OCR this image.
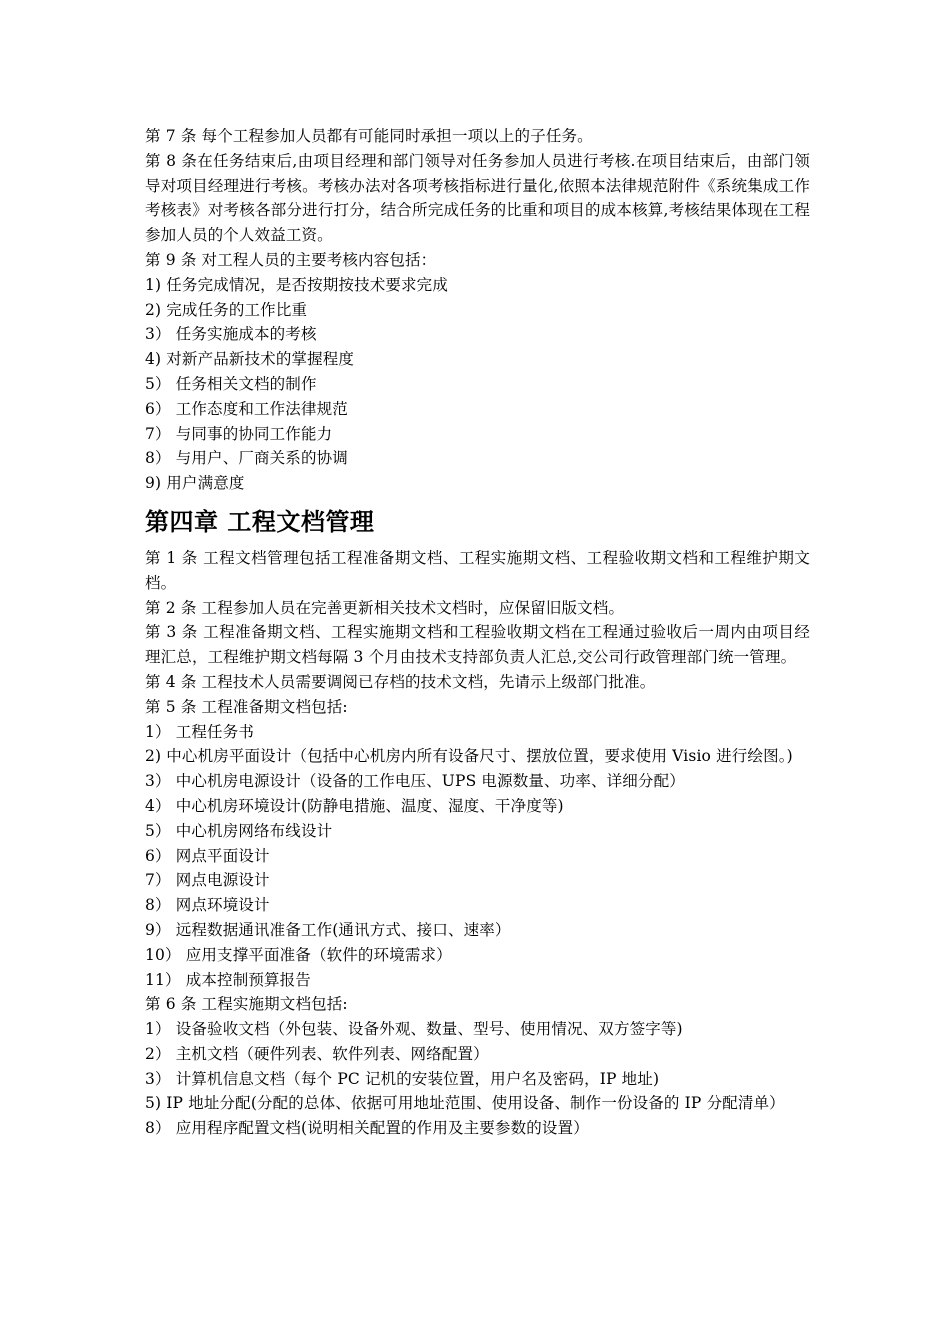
第 7 条 每个工程参加人员都有可能同时承担一项以上的子任务。

第 8 条在任务结束后,由项目经理和部门领导对任务参加人员进行考核.在项目结束后，由部门领导对项目经理进行考核。考核办法对各项考核指标进行量化,依照本法律规范附件《系统集成工作考核表》对考核各部分进行打分，结合所完成任务的比重和项目的成本核算,考核结果体现在工程参加人员的个人效益工资。

第 9 条 对工程人员的主要考核内容包括：

1) 任务完成情况，是否按期按技术要求完成

2) 完成任务的工作比重

3） 任务实施成本的考核

4) 对新产品新技术的掌握程度

5） 任务相关文档的制作

6） 工作态度和工作法律规范

7） 与同事的协同工作能力

8） 与用户、厂商关系的协调

9) 用户满意度

第四章 工程文档管理

第 1 条 工程文档管理包括工程准备期文档、工程实施期文档、工程验收期文档和工程维护期文档。

第 2 条 工程参加人员在完善更新相关技术文档时，应保留旧版文档。

第 3 条 工程准备期文档、工程实施期文档和工程验收期文档在工程通过验收后一周内由项目经理汇总，工程维护期文档每隔 3 个月由技术支持部负责人汇总,交公司行政管理部门统一管理。

第 4 条 工程技术人员需要调阅已存档的技术文档，先请示上级部门批准。

第 5 条 工程准备期文档包括:

1） 工程任务书

2) 中心机房平面设计（包括中心机房内所有设备尺寸、摆放位置，要求使用 Visio 进行绘图。)

3） 中心机房电源设计（设备的工作电压、UPS 电源数量、功率、详细分配）

4） 中心机房环境设计(防静电措施、温度、湿度、干净度等)

5） 中心机房网络布线设计

6） 网点平面设计

7） 网点电源设计

8） 网点环境设计

9） 远程数据通讯准备工作(通讯方式、接口、速率）

10） 应用支撑平面准备（软件的环境需求）

11） 成本控制预算报告

第 6 条 工程实施期文档包括:

1） 设备验收文档（外包装、设备外观、数量、型号、使用情况、双方签字等)

2） 主机文档（硬件列表、软件列表、网络配置）

3） 计算机信息文档（每个 PC 记机的安装位置，用户名及密码，IP 地址)

5) IP 地址分配(分配的总体、依据可用地址范围、使用设备、制作一份设备的 IP 分配清单）

8） 应用程序配置文档(说明相关配置的作用及主要参数的设置）
